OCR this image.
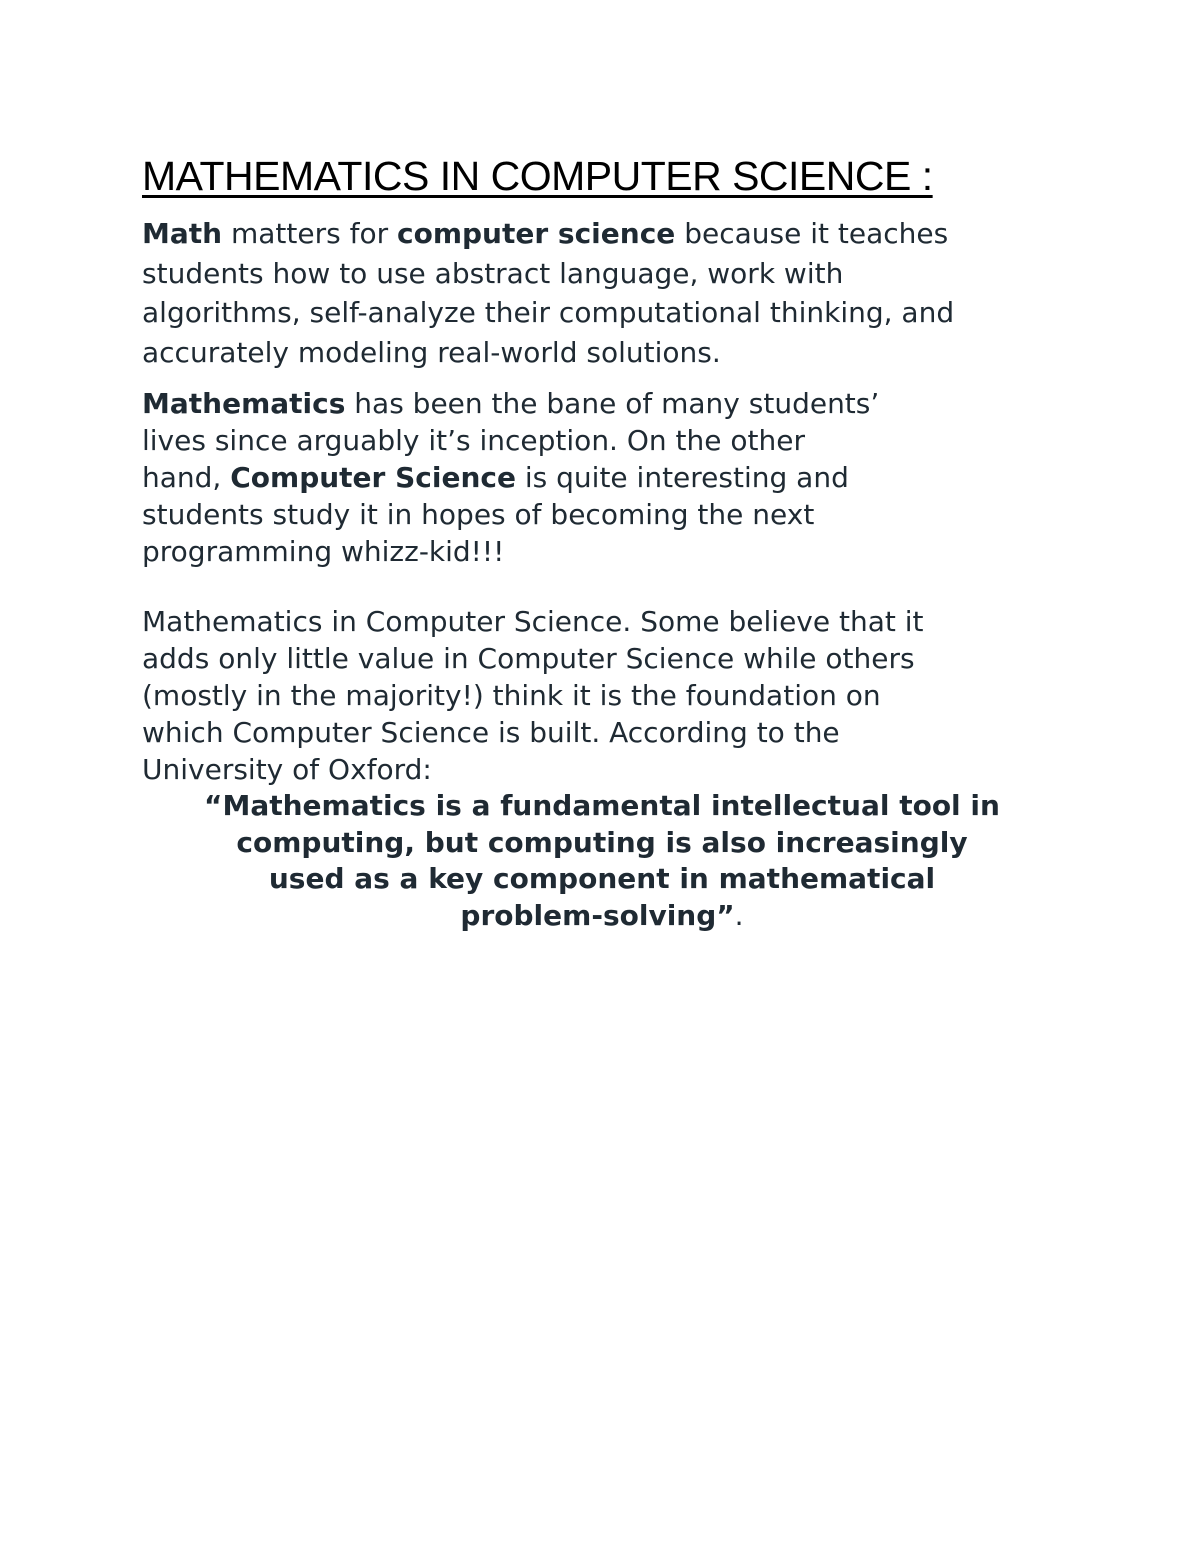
MATHEMATICS IN COMPUTER SCIENCE :

Math matters for computer science because it teaches
students how to use abstract language, work with
algorithms, self-analyze their computational thinking, and
accurately modeling real-world solutions.

Mathematics has been the bane of many students’
lives since arguably it’s inception. On the other
hand, Computer Science is quite interesting and
students study it in hopes of becoming the next
programming whizz-kid!!!

Mathematics in Computer Science. Some believe that it
adds only little value in Computer Science while others
(mostly in the majority!) think it is the foundation on
which Computer Science is built. According to the
University of Oxford:

“Mathematics is a fundamental intellectual tool in
computing, but computing is also increasingly
used as a key component in mathematical
problem-solving”.
